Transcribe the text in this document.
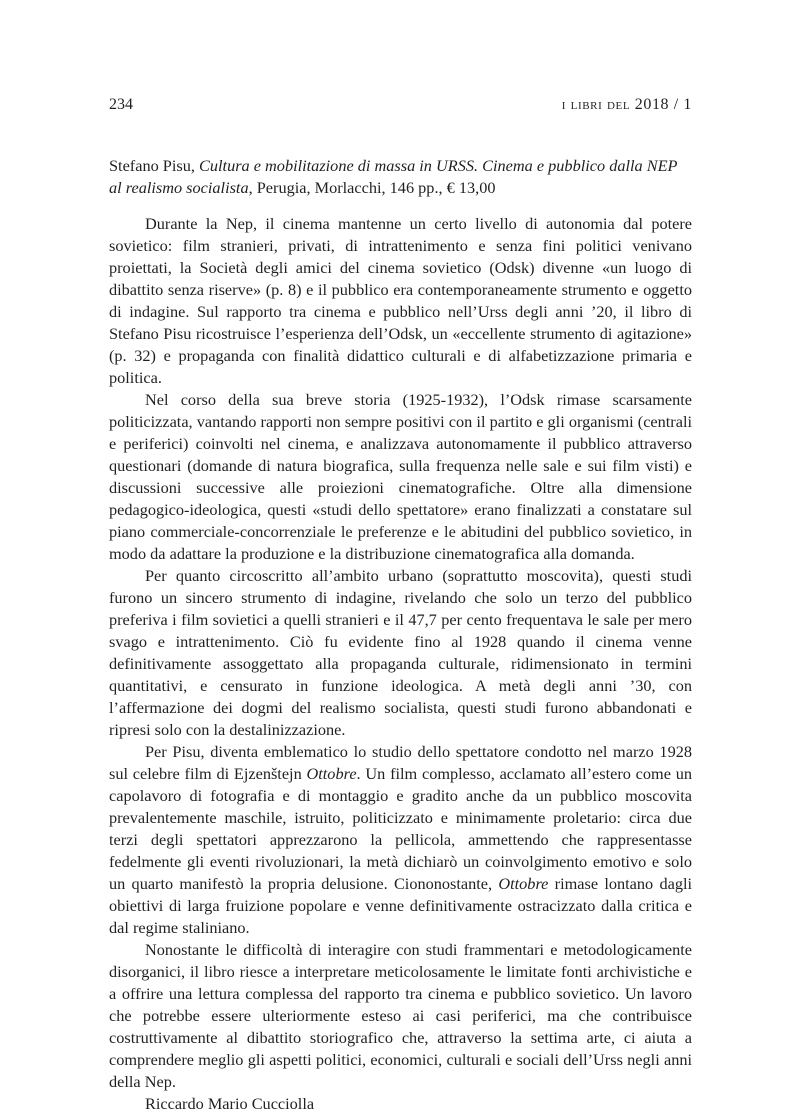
234	i libri del 2018 / 1

Stefano Pisu, Cultura e mobilitazione di massa in URSS. Cinema e pubblico dalla NEP al realismo socialista, Perugia, Morlacchi, 146 pp., € 13,00

Durante la Nep, il cinema mantenne un certo livello di autonomia dal potere sovietico: film stranieri, privati, di intrattenimento e senza fini politici venivano proiettati, la Società degli amici del cinema sovietico (Odsk) divenne «un luogo di dibattito senza riserve» (p. 8) e il pubblico era contemporaneamente strumento e oggetto di indagine. Sul rapporto tra cinema e pubblico nell’Urss degli anni ’20, il libro di Stefano Pisu ricostruisce l’esperienza dell’Odsk, un «eccellente strumento di agitazione» (p. 32) e propaganda con finalità didattico culturali e di alfabetizzazione primaria e politica.

Nel corso della sua breve storia (1925-1932), l’Odsk rimase scarsamente politicizzata, vantando rapporti non sempre positivi con il partito e gli organismi (centrali e periferici) coinvolti nel cinema, e analizzava autonomamente il pubblico attraverso questionari (domande di natura biografica, sulla frequenza nelle sale e sui film visti) e discussioni successive alle proiezioni cinematografiche. Oltre alla dimensione pedagogico-ideologica, questi «studi dello spettatore» erano finalizzati a constatare sul piano commerciale-concorrenziale le preferenze e le abitudini del pubblico sovietico, in modo da adattare la produzione e la distribuzione cinematografica alla domanda.

Per quanto circoscritto all’ambito urbano (soprattutto moscovita), questi studi furono un sincero strumento di indagine, rivelando che solo un terzo del pubblico preferiva i film sovietici a quelli stranieri e il 47,7 per cento frequentava le sale per mero svago e intrattenimento. Ciò fu evidente fino al 1928 quando il cinema venne definitivamente assoggettato alla propaganda culturale, ridimensionato in termini quantitativi, e censurato in funzione ideologica. A metà degli anni ’30, con l’affermazione dei dogmi del realismo socialista, questi studi furono abbandonati e ripresi solo con la destalinizzazione.

Per Pisu, diventa emblematico lo studio dello spettatore condotto nel marzo 1928 sul celebre film di Ejzenštejn Ottobre. Un film complesso, acclamato all’estero come un capolavoro di fotografia e di montaggio e gradito anche da un pubblico moscovita prevalentemente maschile, istruito, politicizzato e minimamente proletario: circa due terzi degli spettatori apprezzarono la pellicola, ammettendo che rappresentasse fedelmente gli eventi rivoluzionari, la metà dichiarò un coinvolgimento emotivo e solo un quarto manifestò la propria delusione. Ciononostante, Ottobre rimase lontano dagli obiettivi di larga fruizione popolare e venne definitivamente ostracizzato dalla critica e dal regime staliniano.

Nonostante le difficoltà di interagire con studi frammentari e metodologicamente disorganici, il libro riesce a interpretare meticolosamente le limitate fonti archivistiche e a offrire una lettura complessa del rapporto tra cinema e pubblico sovietico. Un lavoro che potrebbe essere ulteriormente esteso ai casi periferici, ma che contribuisce costruttivamente al dibattito storiografico che, attraverso la settima arte, ci aiuta a comprendere meglio gli aspetti politici, economici, culturali e sociali dell’Urss negli anni della Nep.

Riccardo Mario Cucciolla
